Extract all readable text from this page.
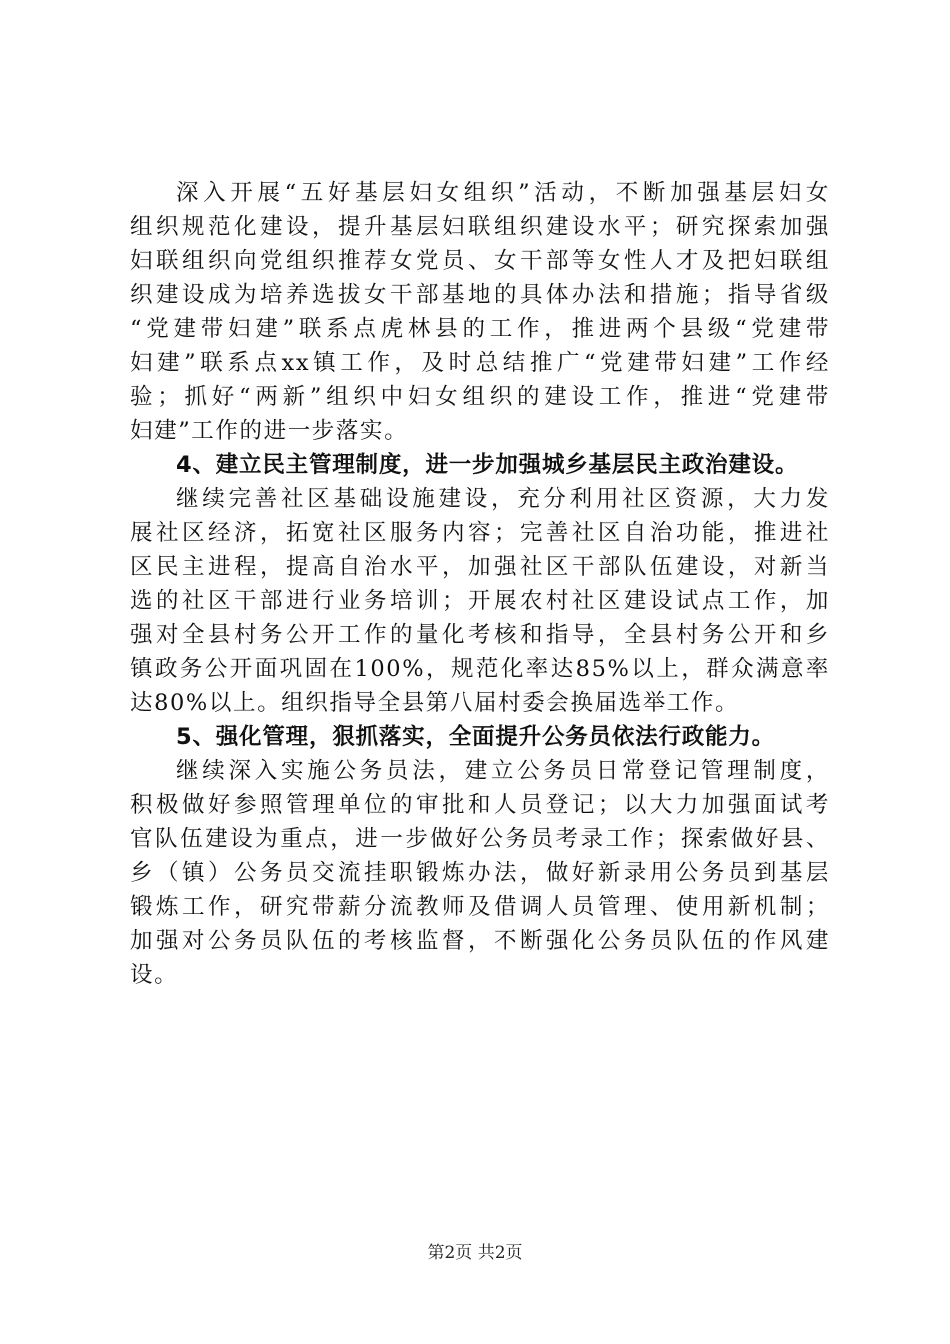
深入开展“五好基层妇女组织”活动，不断加强基层妇女
组织规范化建设，提升基层妇联组织建设水平；研究探索加强
妇联组织向党组织推荐女党员、女干部等女性人才及把妇联组
织建设成为培养选拔女干部基地的具体办法和措施；指导省级
“党建带妇建”联系点虎林县的工作，推进两个县级“党建带
妇建”联系点xx镇工作，及时总结推广“党建带妇建”工作经
验；抓好“两新”组织中妇女组织的建设工作，推进“党建带
妇建”工作的进一步落实。
4、建立民主管理制度，进一步加强城乡基层民主政治建设。
继续完善社区基础设施建设，充分利用社区资源，大力发
展社区经济，拓宽社区服务内容；完善社区自治功能，推进社
区民主进程，提高自治水平，加强社区干部队伍建设，对新当
选的社区干部进行业务培训；开展农村社区建设试点工作，加
强对全县村务公开工作的量化考核和指导，全县村务公开和乡
镇政务公开面巩固在100%，规范化率达85%以上，群众满意率
达80%以上。组织指导全县第八届村委会换届选举工作。
5、强化管理，狠抓落实，全面提升公务员依法行政能力。
继续深入实施公务员法，建立公务员日常登记管理制度，
积极做好参照管理单位的审批和人员登记；以大力加强面试考
官队伍建设为重点，进一步做好公务员考录工作；探索做好县、
乡（镇）公务员交流挂职锻炼办法，做好新录用公务员到基层
锻炼工作，研究带薪分流教师及借调人员管理、使用新机制；
加强对公务员队伍的考核监督，不断强化公务员队伍的作风建
设。
第2页 共2页
